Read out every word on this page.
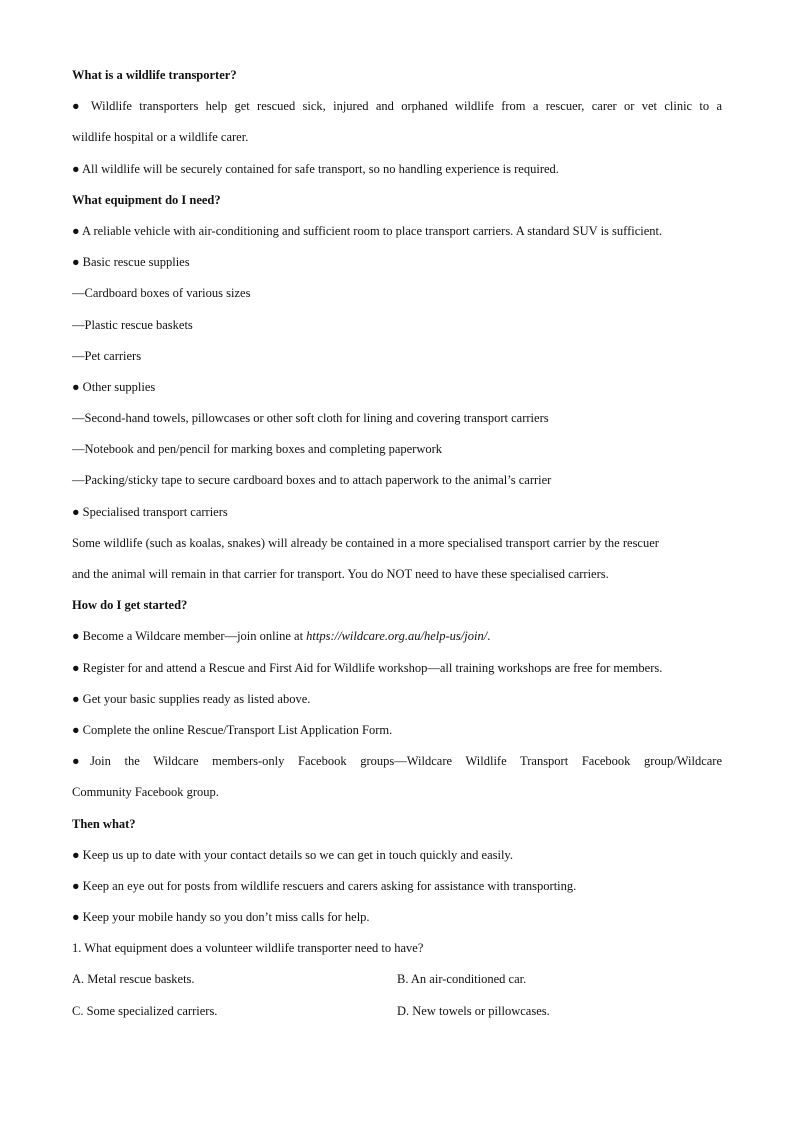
What is a wildlife transporter?
● Wildlife transporters help get rescued sick, injured and orphaned wildlife from a rescuer, carer or vet clinic to a
wildlife hospital or a wildlife carer.
● All wildlife will be securely contained for safe transport, so no handling experience is required.
What equipment do I need?
● A reliable vehicle with air-conditioning and sufficient room to place transport carriers. A standard SUV is sufficient.
● Basic rescue supplies
—Cardboard boxes of various sizes
—Plastic rescue baskets
—Pet carriers
● Other supplies
—Second-hand towels, pillowcases or other soft cloth for lining and covering transport carriers
—Notebook and pen/pencil for marking boxes and completing paperwork
—Packing/sticky tape to secure cardboard boxes and to attach paperwork to the animal’s carrier
● Specialised transport carriers
Some wildlife (such as koalas, snakes) will already be contained in a more specialised transport carrier by the rescuer
and the animal will remain in that carrier for transport. You do NOT need to have these specialised carriers.
How do I get started?
● Become a Wildcare member—join online at https://wildcare.org.au/help-us/join/.
● Register for and attend a Rescue and First Aid for Wildlife workshop—all training workshops are free for members.
● Get your basic supplies ready as listed above.
● Complete the online Rescue/Transport List Application Form.
●Join the Wildcare members-only Facebook groups—Wildcare Wildlife Transport Facebook group/Wildcare
Community Facebook group.
Then what?
● Keep us up to date with your contact details so we can get in touch quickly and easily.
● Keep an eye out for posts from wildlife rescuers and carers asking for assistance with transporting.
● Keep your mobile handy so you don’t miss calls for help.
1. What equipment does a volunteer wildlife transporter need to have?
A. Metal rescue baskets.	B. An air-conditioned car.
C. Some specialized carriers.	D. New towels or pillowcases.
